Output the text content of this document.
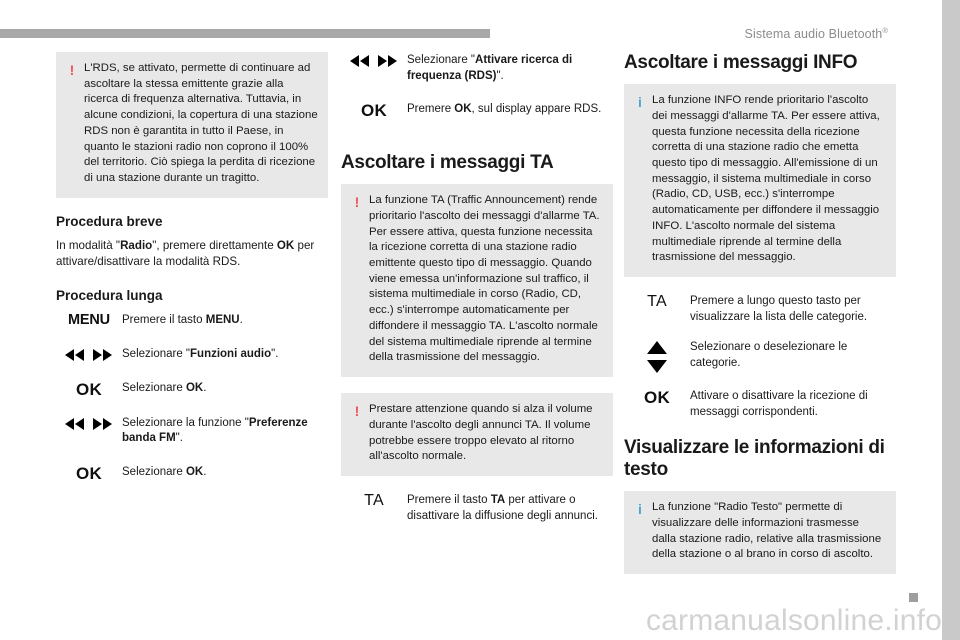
Sistema audio Bluetooth®
carmanualsonline.info
! L'RDS, se attivato, permette di continuare ad ascoltare la stessa emittente grazie alla ricerca di frequenza alternativa. Tuttavia, in alcune condizioni, la copertura di una stazione RDS non è garantita in tutto il Paese, in quanto le stazioni radio non coprono il 100% del territorio. Ciò spiega la perdita di ricezione di una stazione durante un tragitto.
Procedura breve

In modalità "Radio", premere direttamente OK per attivare/disattivare la modalità RDS.

Procedura lunga
MENU	Premere il tasto MENU.
Selezionare "Funzioni audio".
OK	Selezionare OK.
Selezionare la funzione "Preferenze banda FM".
OK	Selezionare OK.
Selezionare "Attivare ricerca di frequenza (RDS)".
OK	Premere OK, sul display appare RDS.
Ascoltare i messaggi TA
! La funzione TA (Traffic Announcement) rende prioritario l'ascolto dei messaggi d'allarme TA. Per essere attiva, questa funzione necessita la ricezione corretta di una stazione radio emittente questo tipo di messaggio. Quando viene emessa un'informazione sul traffico, il sistema multimediale in corso (Radio, CD, ecc.) s'interrompe automaticamente per diffondere il messaggio TA. L'ascolto normale del sistema multimediale riprende al termine della trasmissione del messaggio.
! Prestare attenzione quando si alza il volume durante l'ascolto degli annunci TA. Il volume potrebbe essere troppo elevato al ritorno all'ascolto normale.
TA	Premere il tasto TA per attivare o disattivare la diffusione degli annunci.
Ascoltare i messaggi INFO
i La funzione INFO rende prioritario l'ascolto dei messaggi d'allarme TA. Per essere attiva, questa funzione necessita della ricezione corretta di una stazione radio che emetta questo tipo di messaggio. All'emissione di un messaggio, il sistema multimediale in corso (Radio, CD, USB, ecc.) s'interrompe automaticamente per diffondere il messaggio INFO. L'ascolto normale del sistema multimediale riprende al termine della trasmissione del messaggio.
TA	Premere a lungo questo tasto per visualizzare la lista delle categorie.
Selezionare o deselezionare le categorie.
OK	Attivare o disattivare la ricezione di messaggi corrispondenti.
Visualizzare le informazioni di testo
i La funzione "Radio Testo" permette di visualizzare delle informazioni trasmesse dalla stazione radio, relative alla trasmissione della stazione o al brano in corso di ascolto.
